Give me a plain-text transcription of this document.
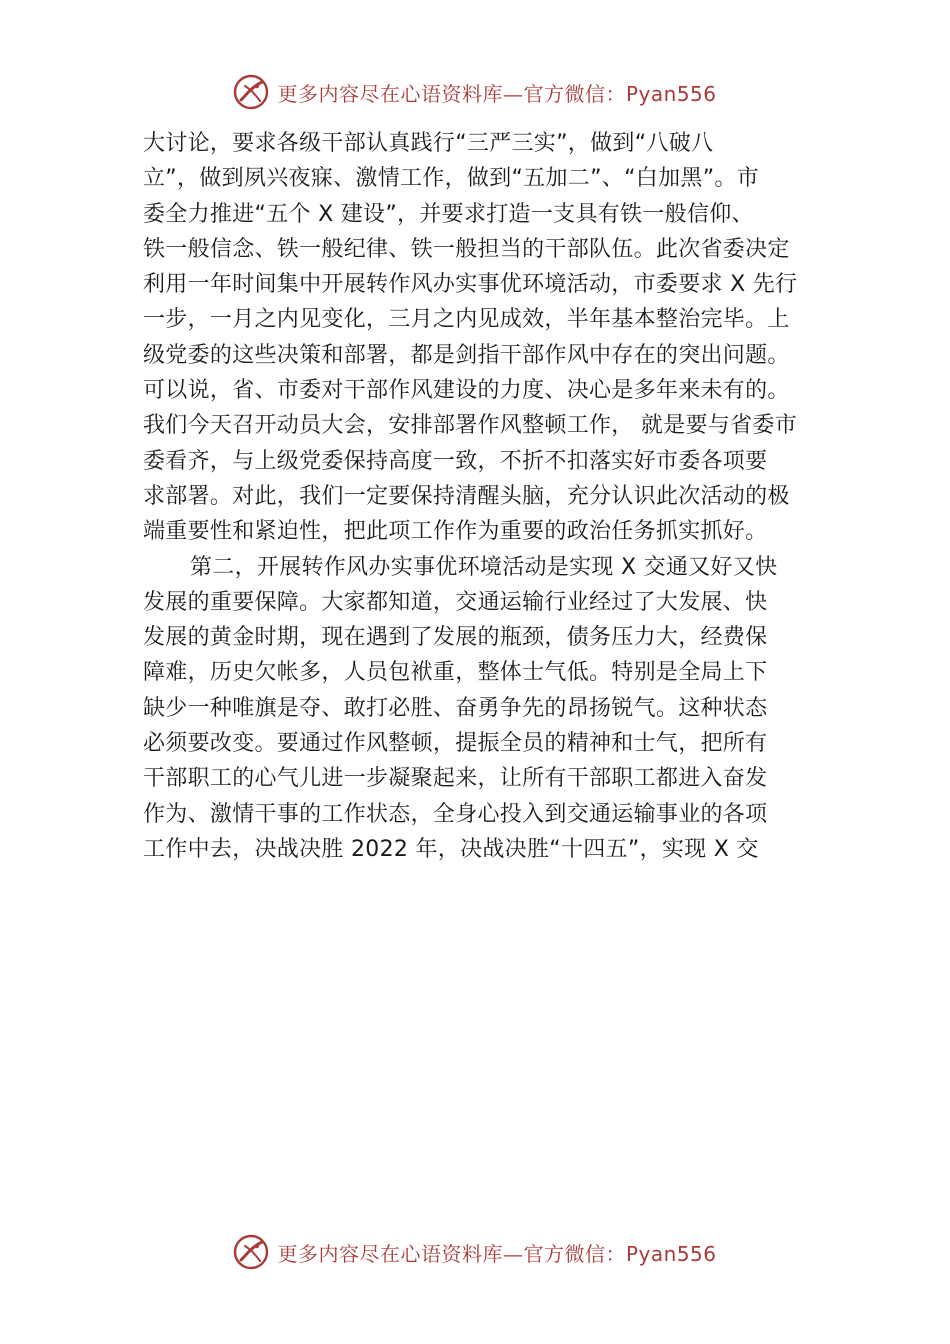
更多内容尽在心语资料库—官方微信：Pyan556
大讨论，要求各级干部认真践行“三严三实”，做到“八破八
立”，做到夙兴夜寐、激情工作，做到“五加二”、“白加黑”。市
委全力推进“五个 X 建设”，并要求打造一支具有铁一般信仰、
铁一般信念、铁一般纪律、铁一般担当的干部队伍。此次省委决定
利用一年时间集中开展转作风办实事优环境活动，市委要求 X 先行
一步，一月之内见变化，三月之内见成效，半年基本整治完毕。上
级党委的这些决策和部署，都是剑指干部作风中存在的突出问题。
可以说，省、市委对干部作风建设的力度、决心是多年来未有的。
我们今天召开动员大会，安排部署作风整顿工作， 就是要与省委市
委看齐，与上级党委保持高度一致，不折不扣落实好市委各项要
求部署。对此，我们一定要保持清醒头脑，充分认识此次活动的极
端重要性和紧迫性，把此项工作作为重要的政治任务抓实抓好。
第二，开展转作风办实事优环境活动是实现 X 交通又好又快
发展的重要保障。大家都知道，交通运输行业经过了大发展、快
发展的黄金时期，现在遇到了发展的瓶颈，债务压力大，经费保
障难，历史欠帐多，人员包袱重，整体士气低。特别是全局上下
缺少一种唯旗是夺、敢打必胜、奋勇争先的昂扬锐气。这种状态
必须要改变。要通过作风整顿，提振全员的精神和士气，把所有
干部职工的心气儿进一步凝聚起来，让所有干部职工都进入奋发
作为、激情干事的工作状态，全身心投入到交通运输事业的各项
工作中去，决战决胜 2022 年，决战决胜“十四五”，实现 X 交
更多内容尽在心语资料库—官方微信：Pyan556
